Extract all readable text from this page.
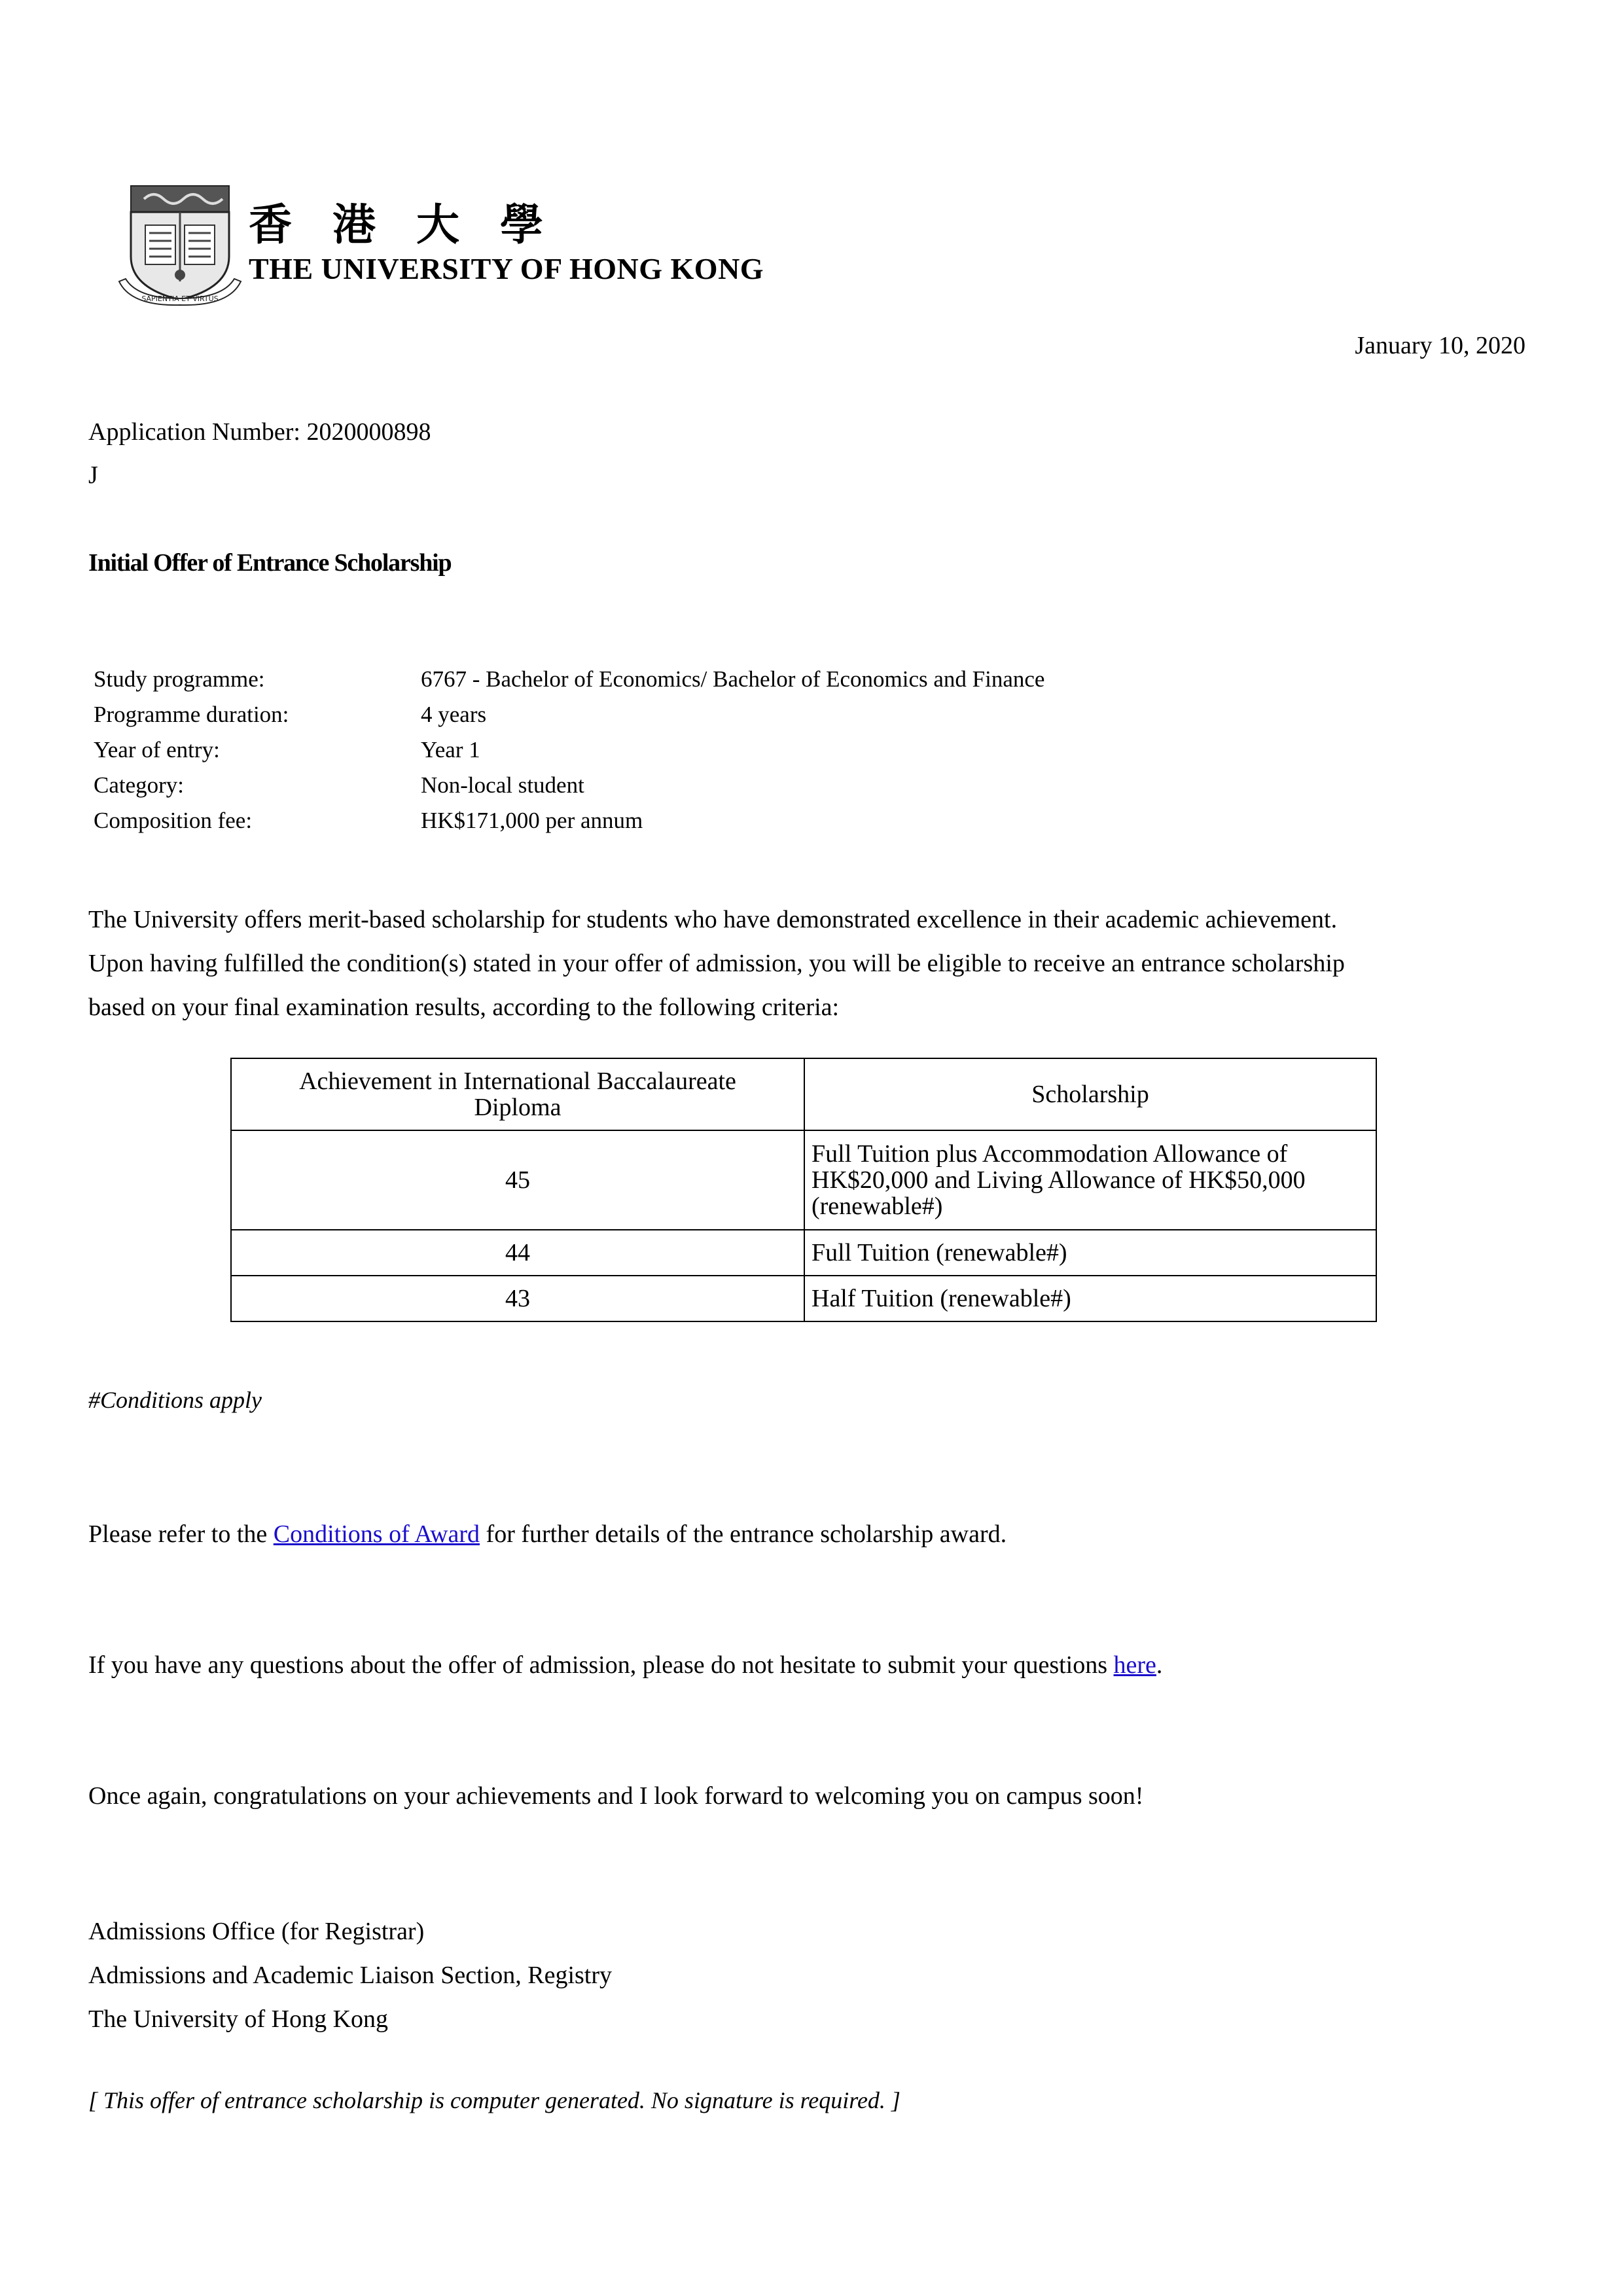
SAPIENTIA ET VIRTUS
香港大學
THE UNIVERSITY OF HONG KONG
January 10, 2020
Application Number: 2020000898
J
Initial Offer of Entrance Scholarship
Study programme:	6767 - Bachelor of Economics/ Bachelor of Economics and Finance
Programme duration:	4 years
Year of entry:	Year 1
Category:	Non-local student
Composition fee:	HK$171,000 per annum
The University offers merit-based scholarship for students who have demonstrated excellence in their academic achievement.
Upon having fulfilled the condition(s) stated in your offer of admission, you will be eligible to receive an entrance scholarship
based on your final examination results, according to the following criteria:
Achievement in International Baccalaureate
Diploma	Scholarship
45	Full Tuition plus Accommodation Allowance of
HK$20,000 and Living Allowance of HK$50,000
(renewable#)

44	Full Tuition (renewable#)
43	Half Tuition (renewable#)
#Conditions apply
Please refer to the Conditions of Award for further details of the entrance scholarship award.
If you have any questions about the offer of admission, please do not hesitate to submit your questions here.
Once again, congratulations on your achievements and I look forward to welcoming you on campus soon!
Admissions Office (for Registrar)
Admissions and Academic Liaison Section, Registry
The University of Hong Kong
[ This offer of entrance scholarship is computer generated. No signature is required. ]
